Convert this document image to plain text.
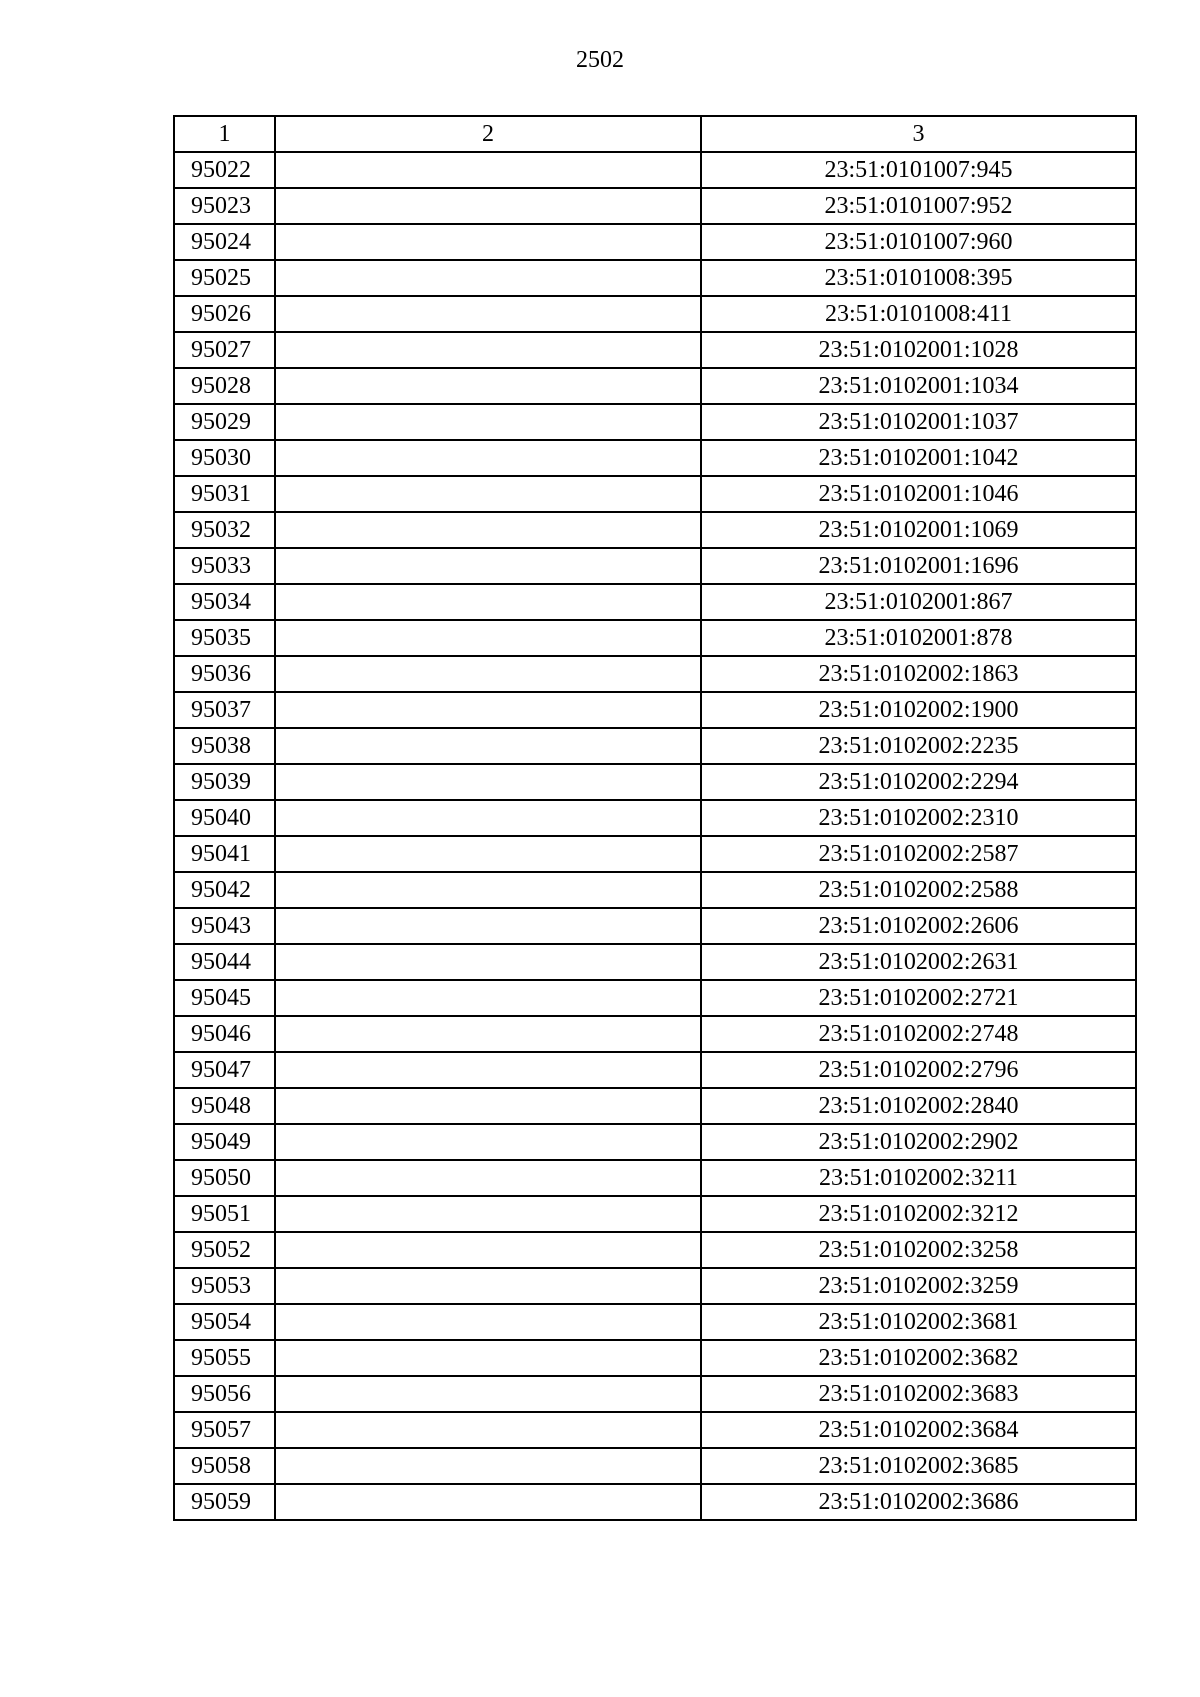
2502
1	2	3
95022		23:51:0101007:945
95023		23:51:0101007:952
95024		23:51:0101007:960
95025		23:51:0101008:395
95026		23:51:0101008:411
95027		23:51:0102001:1028
95028		23:51:0102001:1034
95029		23:51:0102001:1037
95030		23:51:0102001:1042
95031		23:51:0102001:1046
95032		23:51:0102001:1069
95033		23:51:0102001:1696
95034		23:51:0102001:867
95035		23:51:0102001:878
95036		23:51:0102002:1863
95037		23:51:0102002:1900
95038		23:51:0102002:2235
95039		23:51:0102002:2294
95040		23:51:0102002:2310
95041		23:51:0102002:2587
95042		23:51:0102002:2588
95043		23:51:0102002:2606
95044		23:51:0102002:2631
95045		23:51:0102002:2721
95046		23:51:0102002:2748
95047		23:51:0102002:2796
95048		23:51:0102002:2840
95049		23:51:0102002:2902
95050		23:51:0102002:3211
95051		23:51:0102002:3212
95052		23:51:0102002:3258
95053		23:51:0102002:3259
95054		23:51:0102002:3681
95055		23:51:0102002:3682
95056		23:51:0102002:3683
95057		23:51:0102002:3684
95058		23:51:0102002:3685
95059		23:51:0102002:3686
